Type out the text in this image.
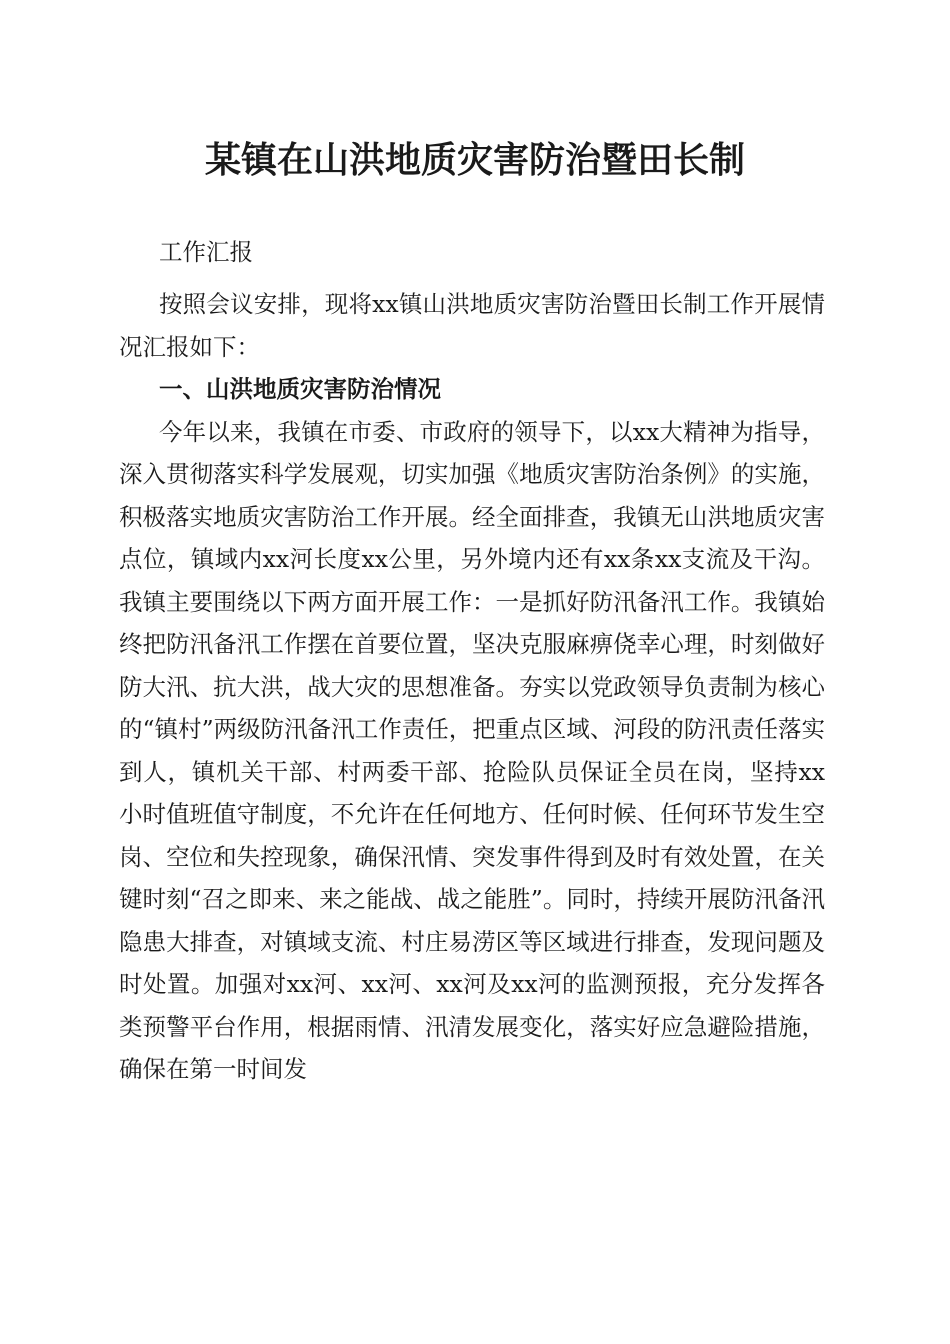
某镇在山洪地质灾害防治暨田长制
工作汇报

按照会议安排，现将xx镇山洪地质灾害防治暨田长制工作开展情况汇报如下：

一、山洪地质灾害防治情况

今年以来，我镇在市委、市政府的领导下，以xx大精神为指导，深入贯彻落实科学发展观，切实加强《地质灾害防治条例》的实施，积极落实地质灾害防治工作开展。经全面排查，我镇无山洪地质灾害点位，镇域内xx河长度xx公里，另外境内还有xx条xx支流及干沟。我镇主要围绕以下两方面开展工作：一是抓好防汛备汛工作。我镇始终把防汛备汛工作摆在首要位置，坚决克服麻痹侥幸心理，时刻做好防大汛、抗大洪，战大灾的思想准备。夯实以党政领导负责制为核心的“镇村”两级防汛备汛工作责任，把重点区域、河段的防汛责任落实到人，镇机关干部、村两委干部、抢险队员保证全员在岗，坚持xx小时值班值守制度，不允许在任何地方、任何时候、任何环节发生空岗、空位和失控现象，确保汛情、突发事件得到及时有效处置，在关键时刻“召之即来、来之能战、战之能胜”。同时，持续开展防汛备汛隐患大排查，对镇域支流、村庄易涝区等区域进行排查，发现问题及时处置。加强对xx河、xx河、xx河及xx河的监测预报，充分发挥各类预警平台作用，根据雨情、汛清发展变化，落实好应急避险措施，确保在第一时间发
